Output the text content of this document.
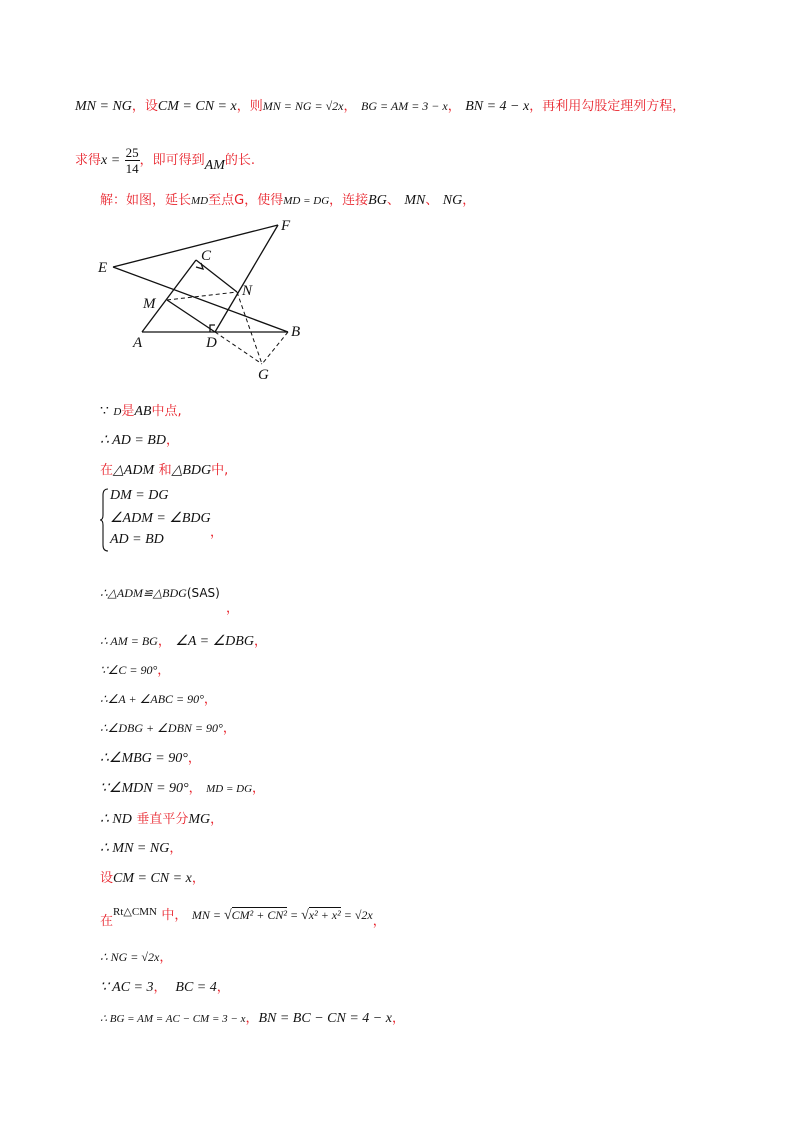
MN = NG，设CM = CN = x，则MN = NG = √2x， BG = AM = 3 − x， BN = 4 − x，再利用勾股定理列方程，
求得$x = \frac{25}{14}$ ，即可得到AM的长.
解：如图，延长MD至点G，使得MD = DG，连接BG、 MN、 NG，
E
F
C
M
N
A	D
B
G
∵ D是AB中点,
∴ AD = BD，
在△ADM 和△BDG中,
DM = DG
∠ADM = ∠BDG
AD = BD	，
∴△ADM≌△BDG(SAS)
，
∴ AM = BG， ∠A = ∠DBG，
∵∠C = 90°，
∴∠A + ∠ABC = 90°，
∴∠DBG + ∠DBN = 90°，
∴∠MBG = 90°，
∵∠MDN = 90°， MD = DG，
∴ ND 垂直平分MG，
∴ MN = NG，
设CM = CN = x，
在$^{Rt\triangle CMN}$ 中， MN = √CM² + CN² = √x² + x² = √2x，
∴ NG = √2x，
∵ AC = 3， BC = 4，
∴ BG = AM = AC − CM = 3 − x，BN = BC − CN = 4 − x，
